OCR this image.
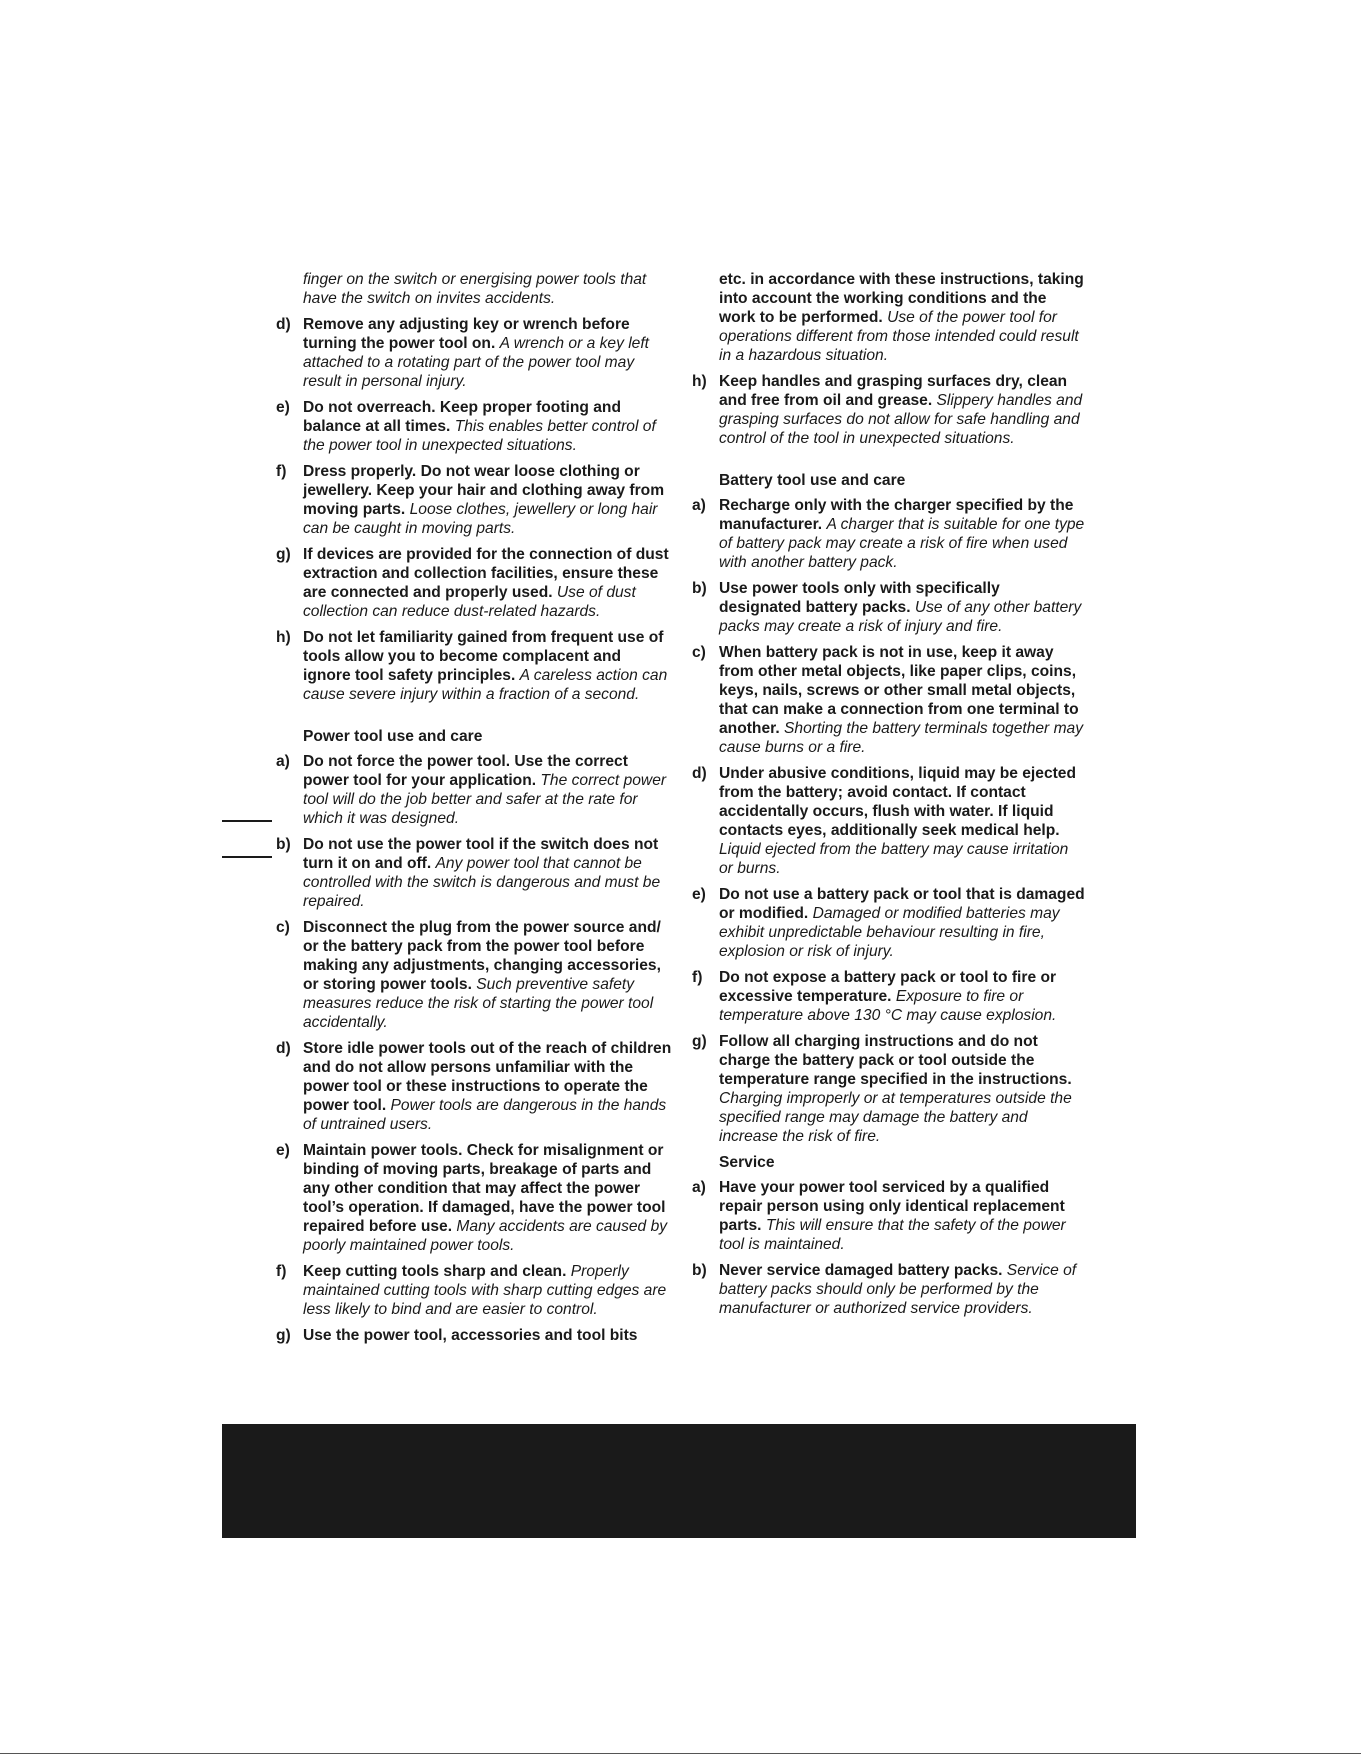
finger on the switch or energising power tools that have the switch on invites accidents.
d) Remove any adjusting key or wrench before turning the power tool on. A wrench or a key left attached to a rotating part of the power tool may result in personal injury.
e) Do not overreach. Keep proper footing and balance at all times. This enables better control of the power tool in unexpected situations.
f) Dress properly. Do not wear loose clothing or jewellery. Keep your hair and clothing away from moving parts. Loose clothes, jewellery or long hair can be caught in moving parts.
g) If devices are provided for the connection of dust extraction and collection facilities, ensure these are connected and properly used. Use of dust collection can reduce dust-related hazards.
h) Do not let familiarity gained from frequent use of tools allow you to become complacent and ignore tool safety principles. A careless action can cause severe injury within a fraction of a second.
Power tool use and care
a) Do not force the power tool. Use the correct power tool for your application. The correct power tool will do the job better and safer at the rate for which it was designed.
b) Do not use the power tool if the switch does not turn it on and off. Any power tool that cannot be controlled with the switch is dangerous and must be repaired.
c) Disconnect the plug from the power source and/ or the battery pack from the power tool before making any adjustments, changing accessories, or storing power tools. Such preventive safety measures reduce the risk of starting the power tool accidentally.
d) Store idle power tools out of the reach of children and do not allow persons unfamiliar with the power tool or these instructions to operate the power tool. Power tools are dangerous in the hands of untrained users.
e) Maintain power tools. Check for misalignment or binding of moving parts, breakage of parts and any other condition that may affect the power tool’s operation. If damaged, have the power tool repaired before use. Many accidents are caused by poorly maintained power tools.
f) Keep cutting tools sharp and clean. Properly maintained cutting tools with sharp cutting edges are less likely to bind and are easier to control.
g) Use the power tool, accessories and tool bits
etc. in accordance with these instructions, taking into account the working conditions and the work to be performed. Use of the power tool for operations different from those intended could result in a hazardous situation.
h) Keep handles and grasping surfaces dry, clean and free from oil and grease. Slippery handles and grasping surfaces do not allow for safe handling and control of the tool in unexpected situations.
Battery tool use and care
a) Recharge only with the charger specified by the manufacturer. A charger that is suitable for one type of battery pack may create a risk of fire when used with another battery pack.
b) Use power tools only with specifically designated battery packs. Use of any other battery packs may create a risk of injury and fire.
c) When battery pack is not in use, keep it away from other metal objects, like paper clips, coins, keys, nails, screws or other small metal objects, that can make a connection from one terminal to another. Shorting the battery terminals together may cause burns or a fire.
d) Under abusive conditions, liquid may be ejected from the battery; avoid contact. If contact accidentally occurs, flush with water. If liquid contacts eyes, additionally seek medical help. Liquid ejected from the battery may cause irritation or burns.
e) Do not use a battery pack or tool that is damaged or modified. Damaged or modified batteries may exhibit unpredictable behaviour resulting in fire, explosion or risk of injury.
f) Do not expose a battery pack or tool to fire or excessive temperature. Exposure to fire or temperature above 130 °C may cause explosion.
g) Follow all charging instructions and do not charge the battery pack or tool outside the temperature range specified in the instructions. Charging improperly or at temperatures outside the specified range may damage the battery and increase the risk of fire.
Service
a) Have your power tool serviced by a qualified repair person using only identical replacement parts. This will ensure that the safety of the power tool is maintained.
b) Never service damaged battery packs. Service of battery packs should only be performed by the manufacturer or authorized service providers.
